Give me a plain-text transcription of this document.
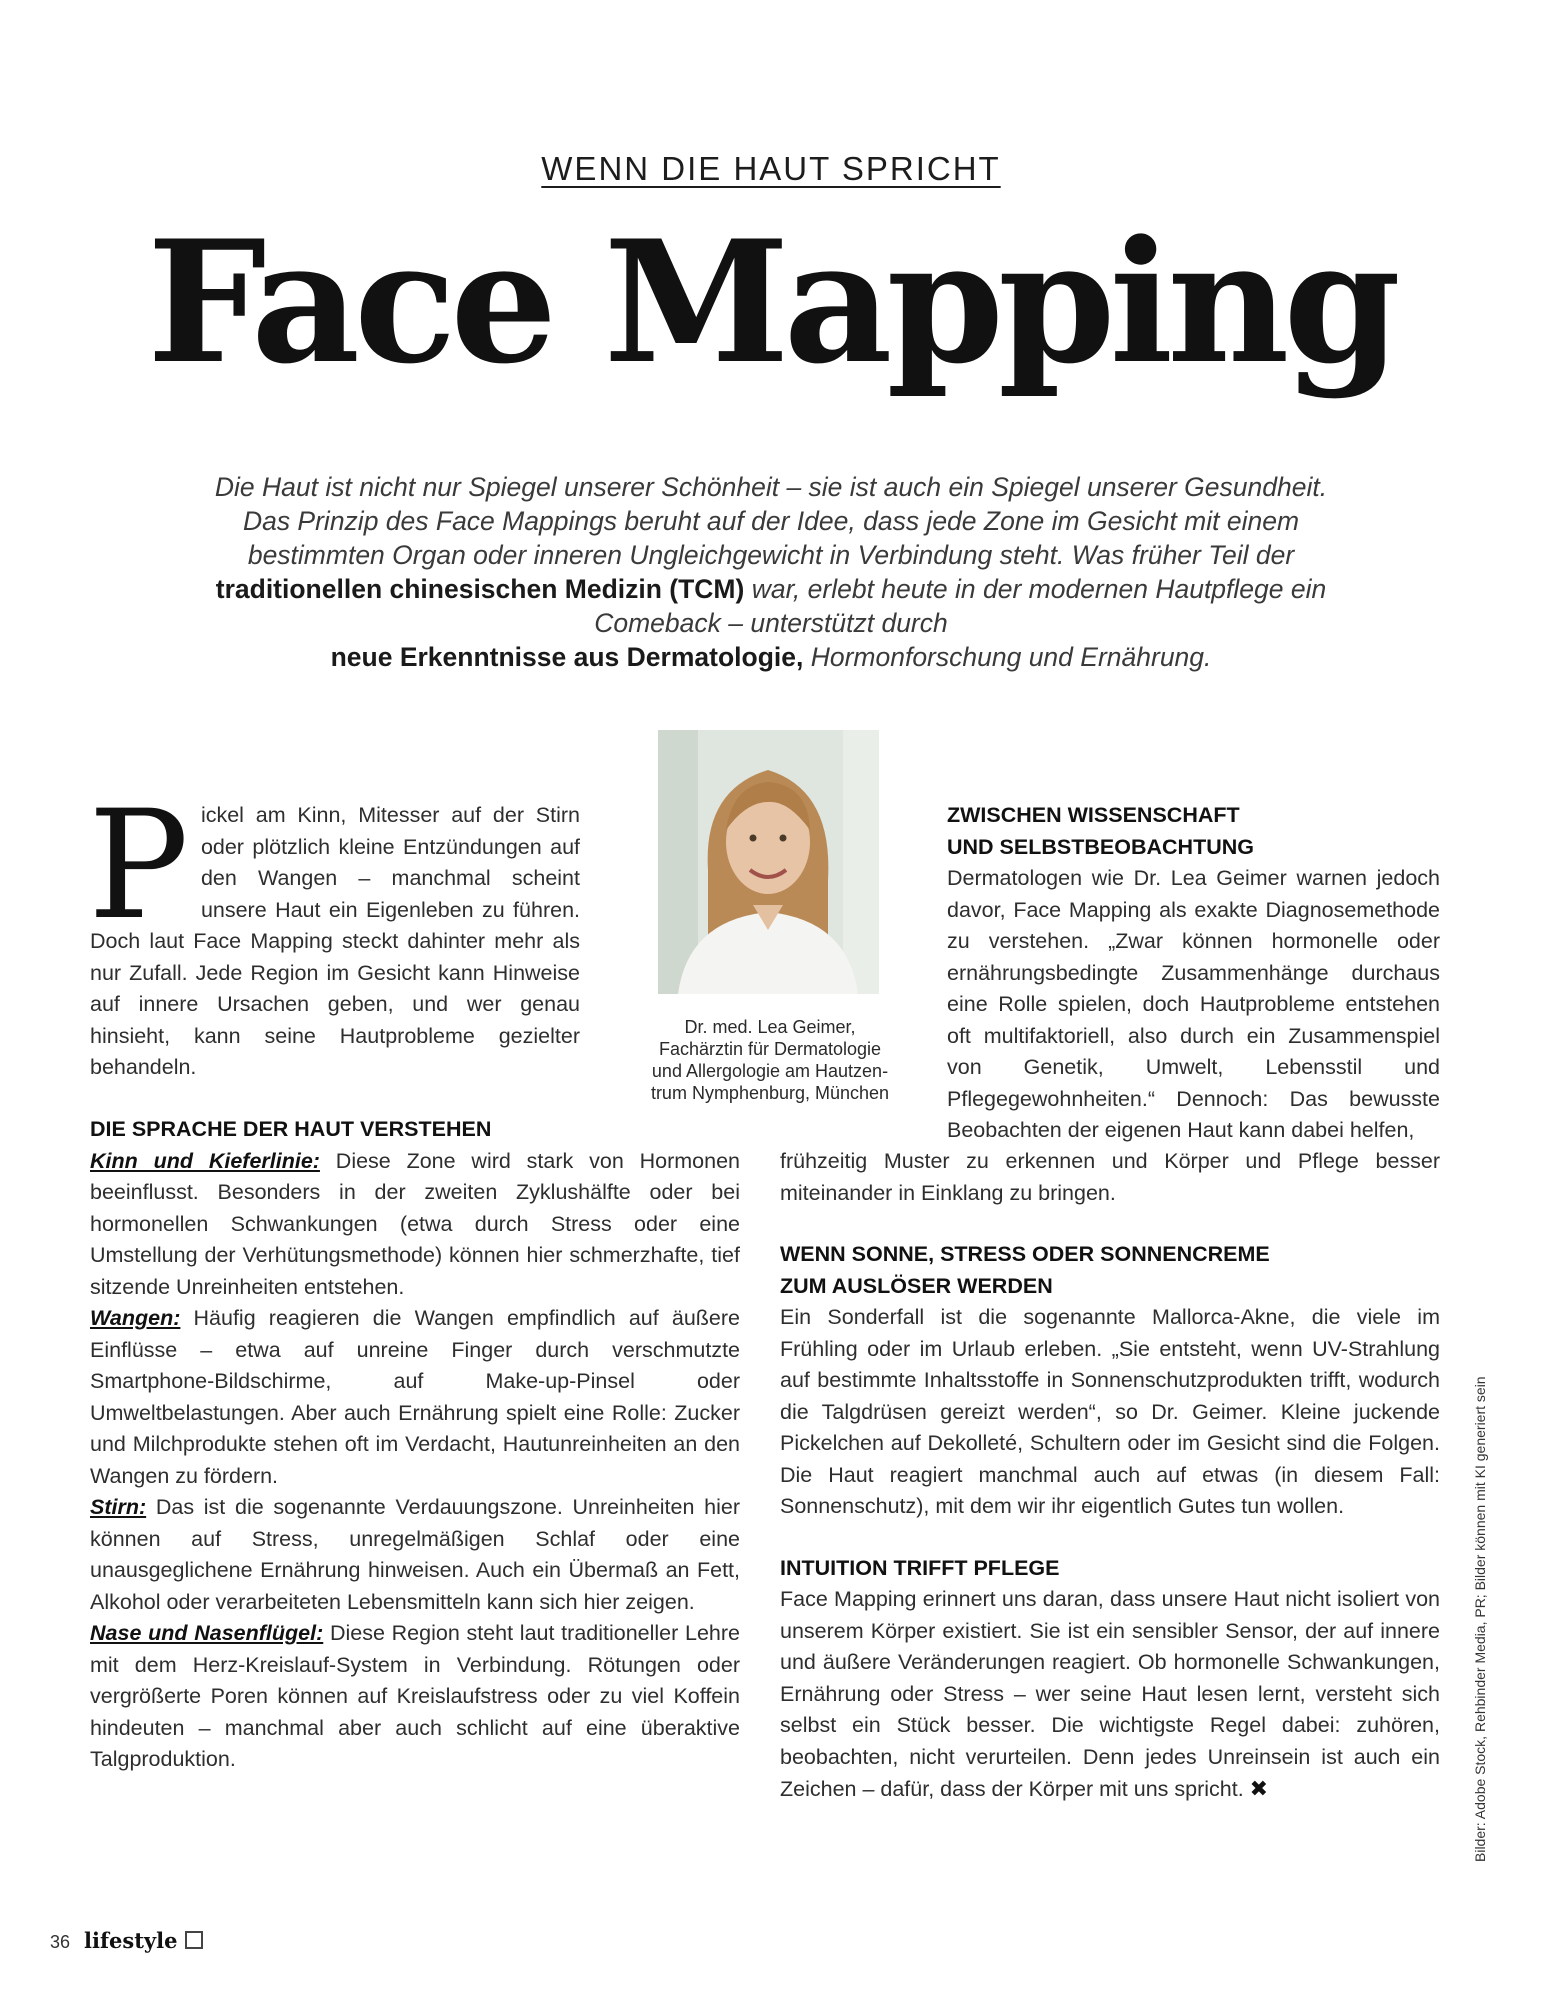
WENN DIE HAUT SPRICHT
Face Mapping
Die Haut ist nicht nur Spiegel unserer Schönheit – sie ist auch ein Spiegel unserer Gesundheit. Das Prinzip des Face Mappings beruht auf der Idee, dass jede Zone im Gesicht mit einem bestimmten Organ oder inneren Ungleichgewicht in Verbindung steht. Was früher Teil der traditionellen chinesischen Medizin (TCM) war, erlebt heute in der modernen Hautpflege ein Comeback – unterstützt durch
neue Erkenntnisse aus Dermatologie, Hormonforschung und Ernährung.
Pickel am Kinn, Mitesser auf der Stirn oder plötzlich kleine Entzündungen auf den Wangen – manchmal scheint unsere Haut ein Eigenleben zu führen. Doch laut Face Mapping steckt dahinter mehr als nur Zufall. Jede Region im Gesicht kann Hinweise auf innere Ursachen geben, und wer genau hinsieht, kann seine Hautprobleme gezielter behandeln.
Dr. med. Lea Geimer,
Fachärztin für Dermatologie
und Allergologie am Hautzen-
trum Nymphenburg, München
DIE SPRACHE DER HAUT VERSTEHEN
Kinn und Kieferlinie: Diese Zone wird stark von Hormonen beeinflusst. Besonders in der zweiten Zyklushälfte oder bei hormonellen Schwankungen (etwa durch Stress oder eine Umstellung der Verhütungsmethode) können hier schmerzhafte, tief sitzende Unreinheiten entstehen.
Wangen: Häufig reagieren die Wangen empfindlich auf äußere Einflüsse – etwa auf unreine Finger durch verschmutzte Smartphone-Bildschirme, auf Make-up-Pinsel oder Umweltbelastungen. Aber auch Ernährung spielt eine Rolle: Zucker und Milchprodukte stehen oft im Verdacht, Hautunreinheiten an den Wangen zu fördern.
Stirn: Das ist die sogenannte Verdauungszone. Unreinheiten hier können auf Stress, unregelmäßigen Schlaf oder eine unausgeglichene Ernährung hinweisen. Auch ein Übermaß an Fett, Alkohol oder verarbeiteten Lebensmitteln kann sich hier zeigen.
Nase und Nasenflügel: Diese Region steht laut traditioneller Lehre mit dem Herz-Kreislauf-System in Verbindung. Rötungen oder vergrößerte Poren können auf Kreislaufstress oder zu viel Koffein hindeuten – manchmal aber auch schlicht auf eine überaktive Talgproduktion.
ZWISCHEN WISSENSCHAFT
UND SELBSTBEOBACHTUNG
Dermatologen wie Dr. Lea Geimer warnen jedoch davor, Face Mapping als exakte Diagnosemethode zu verstehen. „Zwar können hormonelle oder ernährungsbedingte Zusammenhänge durchaus eine Rolle spielen, doch Hautprobleme entstehen oft multifaktoriell, also durch ein Zusammenspiel von Genetik, Umwelt, Lebensstil und Pflegegewohnheiten.“ Dennoch: Das bewusste Beobachten der eigenen Haut kann dabei helfen,
frühzeitig Muster zu erkennen und Körper und Pflege besser miteinander in Einklang zu bringen.
WENN SONNE, STRESS ODER SONNENCREME
ZUM AUSLÖSER WERDEN
Ein Sonderfall ist die sogenannte Mallorca-Akne, die viele im Frühling oder im Urlaub erleben. „Sie entsteht, wenn UV-Strahlung auf bestimmte Inhaltsstoffe in Sonnenschutzprodukten trifft, wodurch die Talgdrüsen gereizt werden“, so Dr. Geimer. Kleine juckende Pickelchen auf Dekolleté, Schultern oder im Gesicht sind die Folgen. Die Haut reagiert manchmal auch auf etwas (in diesem Fall: Sonnenschutz), mit dem wir ihr eigentlich Gutes tun wollen.
INTUITION TRIFFT PFLEGE
Face Mapping erinnert uns daran, dass unsere Haut nicht isoliert von unserem Körper existiert. Sie ist ein sensibler Sensor, der auf innere und äußere Veränderungen reagiert. Ob hormonelle Schwankungen, Ernährung oder Stress – wer seine Haut lesen lernt, versteht sich selbst ein Stück besser. Die wichtigste Regel dabei: zuhören, beobachten, nicht verurteilen. Denn jedes Unreinsein ist auch ein Zeichen – dafür, dass der Körper mit uns spricht. ✖	Bilder: Adobe Stock, Rehbinder Media, PR; Bilder können mit KI generiert sein
36 lifestyle
